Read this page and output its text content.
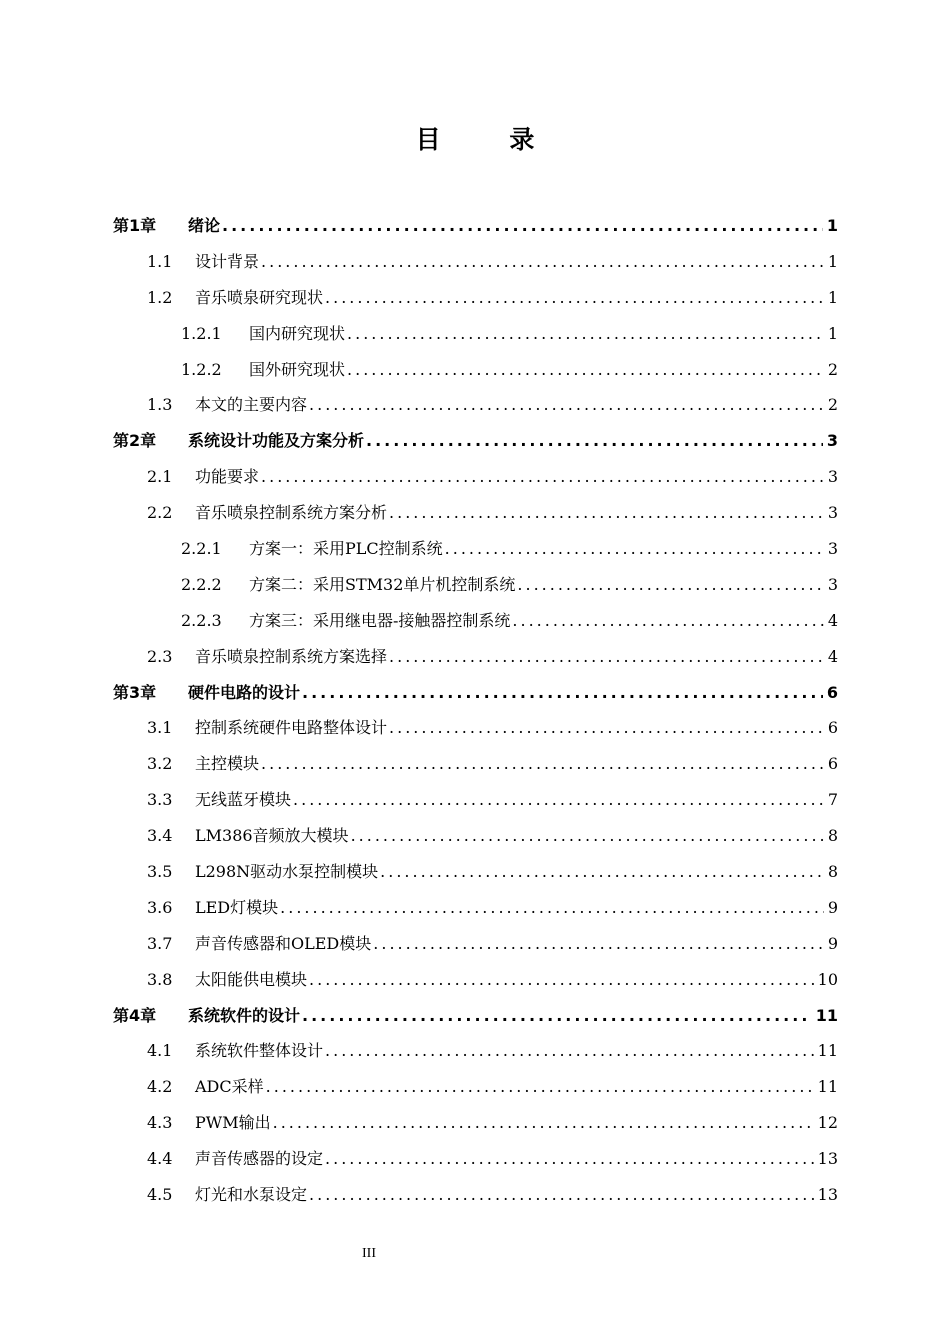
目 录
第1章	绪论 .....	1
1.1	设计背景 .....	1
1.2	音乐喷泉研究现状 .....	1
1.2.1	国内研究现状 .....	1
1.2.2	国外研究现状 .....	2
1.3	本文的主要内容 .....	2
第2章	系统设计功能及方案分析 .....	3
2.1	功能要求 .....	3
2.2	音乐喷泉控制系统方案分析 .....	3
2.2.1	方案一：采用PLC控制系统 .....	3
2.2.2	方案二：采用STM32单片机控制系统 .....	3
2.2.3	方案三：采用继电器-接触器控制系统 .....	4
2.3	音乐喷泉控制系统方案选择 .....	4
第3章	硬件电路的设计 .....	6
3.1	控制系统硬件电路整体设计 .....	6
3.2	主控模块 .....	6
3.3	无线蓝牙模块 .....	7
3.4	LM386音频放大模块 .....	8
3.5	L298N驱动水泵控制模块 .....	8
3.6	LED灯模块 .....	9
3.7	声音传感器和OLED模块 .....	9
3.8	太阳能供电模块 .....	10
第4章	系统软件的设计 .....	11
4.1	系统软件整体设计 .....	11
4.2	ADC采样 .....	11
4.3	PWM输出 .....	12
4.4	声音传感器的设定 .....	13
4.5	灯光和水泵设定 .....	13
III
